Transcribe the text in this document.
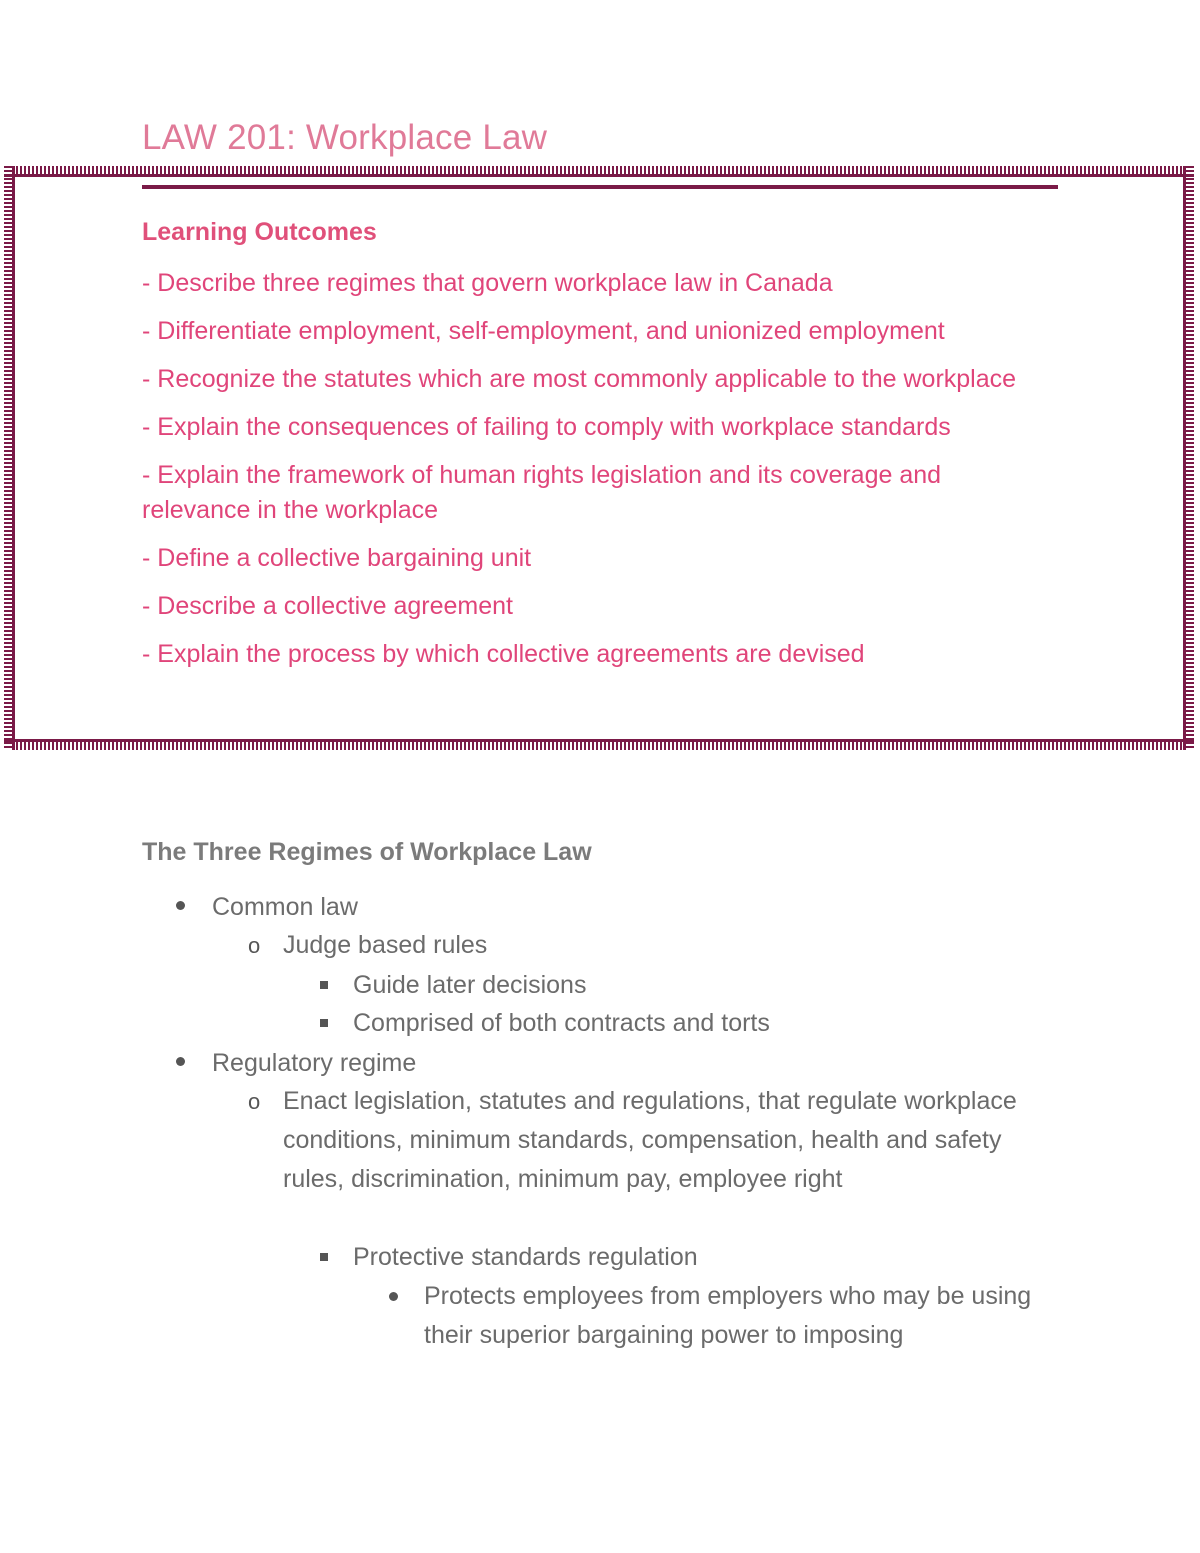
LAW 201: Workplace Law
Learning Outcomes
- Describe three regimes that govern workplace law in Canada
- Differentiate employment, self-employment, and unionized employment
- Recognize the statutes which are most commonly applicable to the workplace
- Explain the consequences of failing to comply with workplace standards
- Explain the framework of human rights legislation and its coverage and relevance in the workplace
- Define a collective bargaining unit
- Describe a collective agreement
- Explain the process by which collective agreements are devised
The Three Regimes of Workplace Law
Common law
o Judge based rules
Guide later decisions
Comprised of both contracts and torts
Regulatory regime
o Enact legislation, statutes and regulations, that regulate workplace conditions, minimum standards, compensation, health and safety rules, discrimination, minimum pay, employee right
Protective standards regulation
Protects employees from employers who may be using their superior bargaining power to imposing
